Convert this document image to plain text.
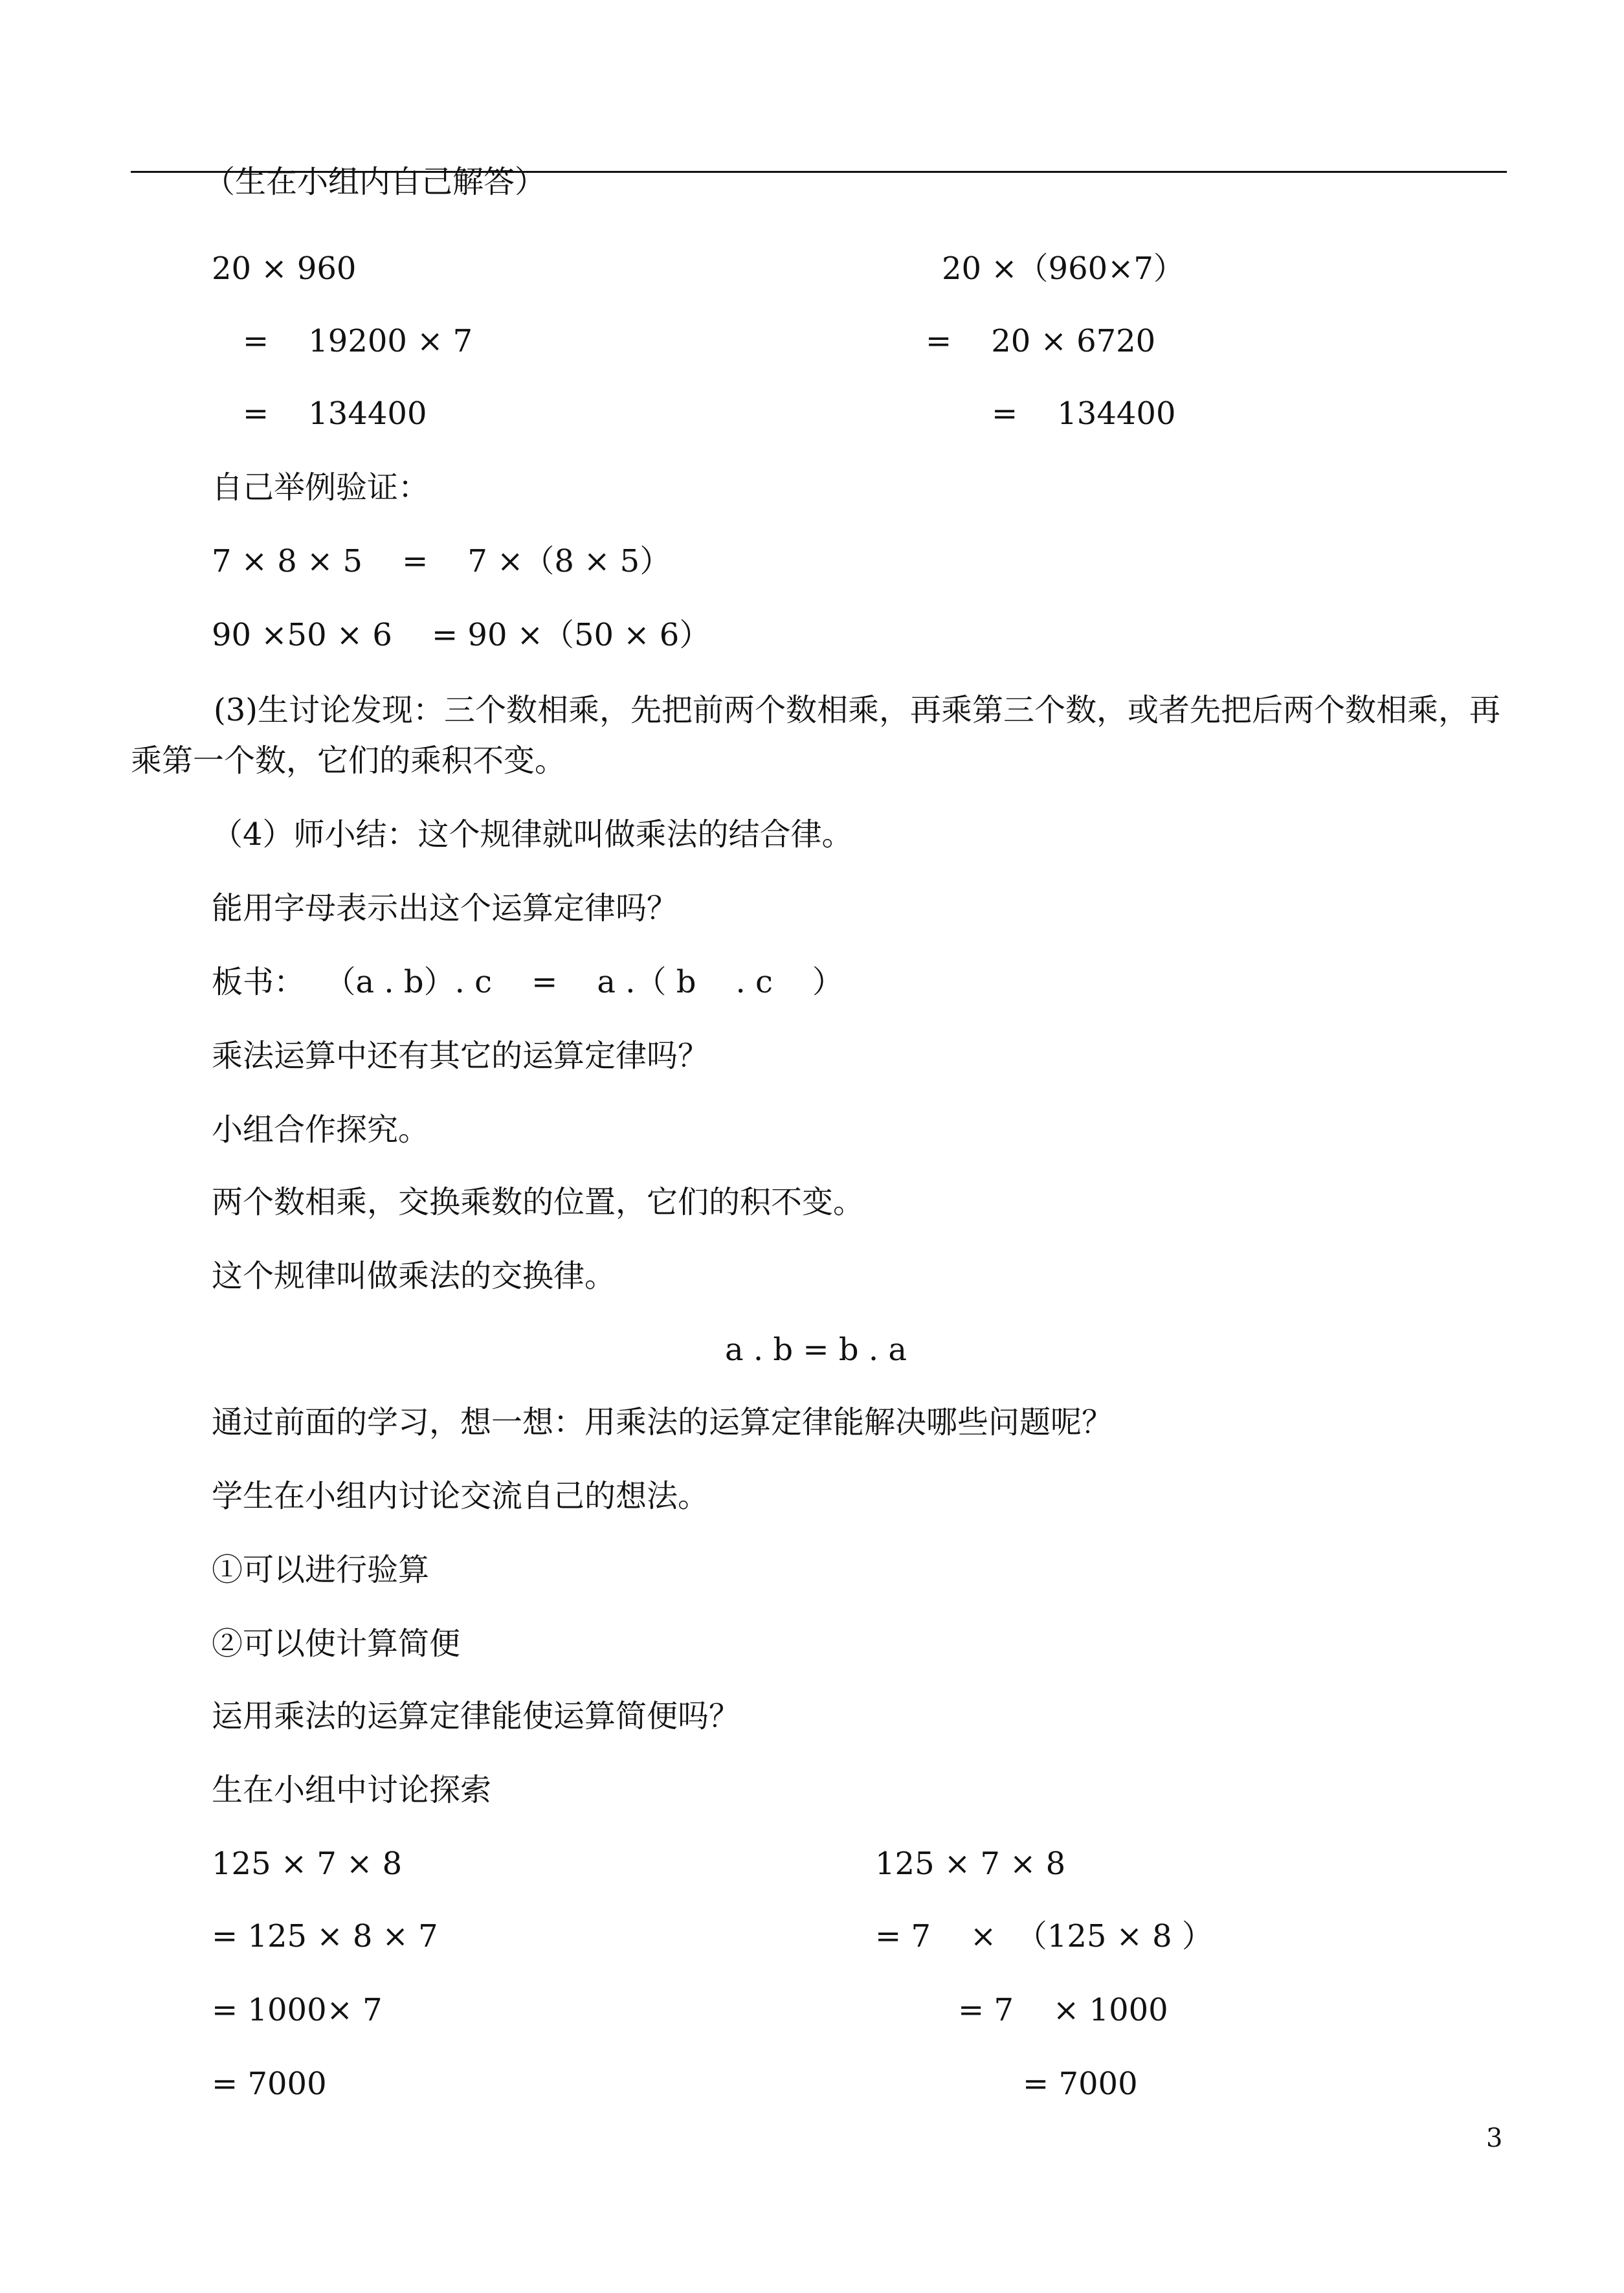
（生在小组内自己解答）
20 × 960	20 ×（960×7）
=    19200 × 7	=    20 × 6720
=    134400	=    134400
自己举例验证：
7 × 8 × 5    =    7 ×（8 × 5）
90 ×50 × 6    = 90 ×（50 × 6）
(3)生讨论发现：三个数相乘，先把前两个数相乘，再乘第三个数，或者先把后两个数相乘，再乘第一个数，它们的乘积不变。
（4）师小结：这个规律就叫做乘法的结合律。
能用字母表示出这个运算定律吗？
板书：  （a . b）. c    =    a .（ b    . c    ）
乘法运算中还有其它的运算定律吗？
小组合作探究。
两个数相乘，交换乘数的位置，它们的积不变。
这个规律叫做乘法的交换律。
a . b = b . a
通过前面的学习，想一想：用乘法的运算定律能解决哪些问题呢？
学生在小组内讨论交流自己的想法。
①可以进行验算
②可以使计算简便
运用乘法的运算定律能使运算简便吗？
生在小组中讨论探索
125 × 7 × 8	125 × 7 × 8
= 125 × 8 × 7	= 7    ×  （125 × 8 ）
= 1000× 7	= 7    × 1000
= 7000	= 7000
3
